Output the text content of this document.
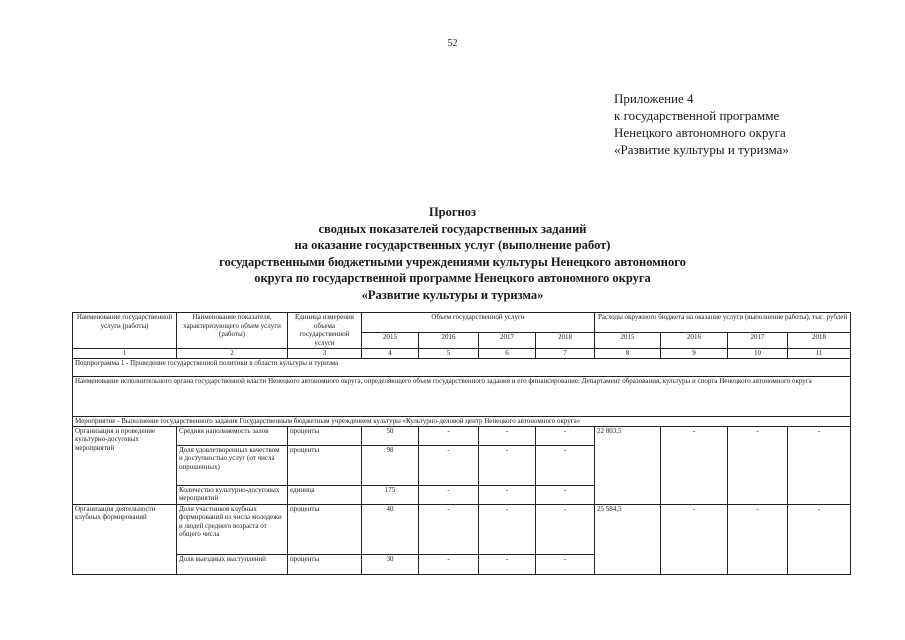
52
Приложение 4
к государственной программе
Ненецкого автономного округа
«Развитие культуры и туризма»
Прогноз
сводных показателей государственных заданий
на оказание государственных услуг (выполнение работ)
государственными бюджетными учреждениями культуры Ненецкого автономного
округа по государственной программе Ненецкого автономного округа
«Развитие культуры и туризма»
Наименование государственной услуги (работы)	Наименование показателя, характеризующего объем услуги (работы)	Единица измерения объема государственной услуги	Объем государственной услуги				Расходы окружного бюджета на оказание услуги (выполнение работы), тыс. рублей			
			2015	2016	2017	2018	2015	2016	2017	2018
1	2	3	4	5	6	7	8	9	10	11
Подпрограмма 1 - Проведение государственной политики в области культуры и туризма										
Наименование исполнительного органа государственной власти Ненецкого автономного округа, определяющего объем государственного задания и его финансирование: Департамент образования, культуры и спорта Ненецкого автономного округа										
Мероприятие - Выполнение государственного задания Государственным бюджетным учреждением культуры «Культурно-деловой центр Ненецкого автономного округа»										
Организация и проведение культурно-досуговых мероприятий	Средняя наполняемость залов	проценты	50	-	-	-	22 803,5	-	-	-
	Доля удовлетворенных качеством и доступностью услуг (от числа опрошенных)	проценты	98	-	-	-				
	Количество культурно-досуговых мероприятий	единица	175	-	-	-				
Организация деятельности клубных формирований	Доля участников клубных формирований из числа молодежи и людей среднего возраста от общего числа	проценты	40	-	-	-	25 584,5	-	-	-
	Доля выездных выступлений	проценты	30	-	-	-				
